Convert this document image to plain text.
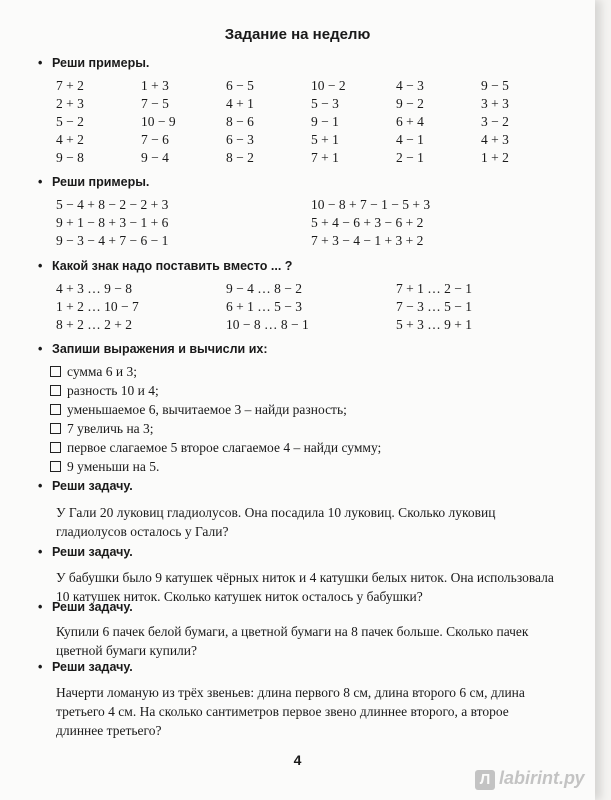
Задание на неделю
• Реши примеры.
7 + 2	1 + 3	6 − 5	10 − 2	4 − 3	9 − 5
2 + 3	7 − 5	4 + 1	5 − 3	9 − 2	3 + 3
5 − 2	10 − 9	8 − 6	9 − 1	6 + 4	3 − 2
4 + 2	7 − 6	6 − 3	5 + 1	4 − 1	4 + 3
9 − 8	9 − 4	8 − 2	7 + 1	2 − 1	1 + 2
• Реши примеры.
5 − 4 + 8 − 2 − 2 + 3	10 − 8 + 7 − 1 − 5 + 3
9 + 1 − 8 + 3 − 1 + 6	5 + 4 − 6 + 3 − 6 + 2
9 − 3 − 4 + 7 − 6 − 1	7 + 3 − 4 − 1 + 3 + 2
• Какой знак надо поставить вместо ... ?
4 + 3 … 9 − 8	9 − 4 … 8 − 2	7 + 1 … 2 − 1
1 + 2 … 10 − 7	6 + 1 … 5 − 3	7 − 3 … 5 − 1
8 + 2 … 2 + 2	10 − 8 … 8 − 1	5 + 3 … 9 + 1
• Запиши выражения и вычисли их:
сумма 6 и 3;
разность 10 и 4;
уменьшаемое 6, вычитаемое 3 – найди разность;
7 увеличь на 3;
первое слагаемое 5 второе слагаемое 4 – найди сумму;
9 уменьши на 5.
• Реши задачу.
У Гали 20 луковиц гладиолусов. Она посадила 10 луковиц. Сколько луковиц гладиолусов осталось у Гали?
• Реши задачу.
У бабушки было 9 катушек чёрных ниток и 4 катушки белых ниток. Она использовала 10 катушек ниток. Сколько катушек ниток осталось у бабушки?
• Реши задачу.
Купили 6 пачек белой бумаги, а цветной бумаги на 8 пачек больше. Сколько пачек цветной бумаги купили?
• Реши задачу.
Начерти ломаную из трёх звеньев: длина первого 8 см, длина второго 6 см, длина третьего 4 см. На сколько сантиметров первое звено длиннее второго, а второе длиннее третьего?
4
Л labirint.ру
